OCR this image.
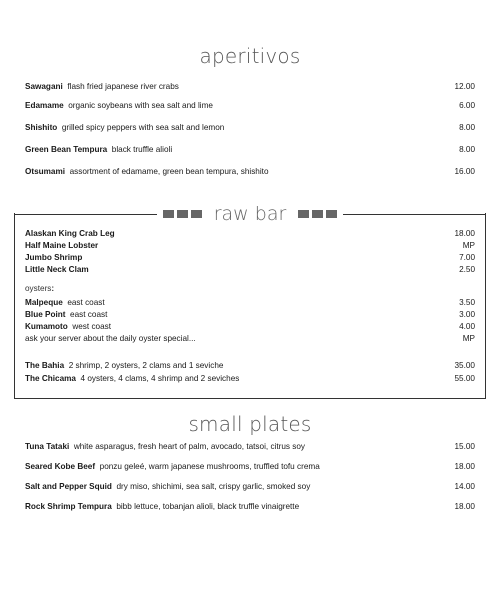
aperitivos
Sawagani flash fried japanese river crabs	12.00
Edamame organic soybeans with sea salt and lime	6.00
Shishito grilled spicy peppers with sea salt and lemon	8.00
Green Bean Tempura black truffle alioli	8.00
Otsumami assortment of edamame, green bean tempura, shishito	16.00
raw bar
Alaskan King Crab Leg	18.00
Half Maine Lobster	MP
Jumbo Shrimp	7.00
Little Neck Clam	2.50
oysters:
Malpeque east coast	3.50
Blue Point east coast	3.00
Kumamoto west coast	4.00
ask your server about the daily oyster special...	MP
The Bahia 2 shrimp, 2 oysters, 2 clams and 1 seviche	35.00
The Chicama 4 oysters, 4 clams, 4 shrimp and 2 seviches	55.00
small plates
Tuna Tataki white asparagus, fresh heart of palm, avocado, tatsoi, citrus soy	15.00
Seared Kobe Beef ponzu geleé, warm japanese mushrooms, truffled tofu crema	18.00
Salt and Pepper Squid dry miso, shichimi, sea salt, crispy garlic, smoked soy	14.00
Rock Shrimp Tempura bibb lettuce, tobanjan alioli, black truffle vinaigrette	18.00
